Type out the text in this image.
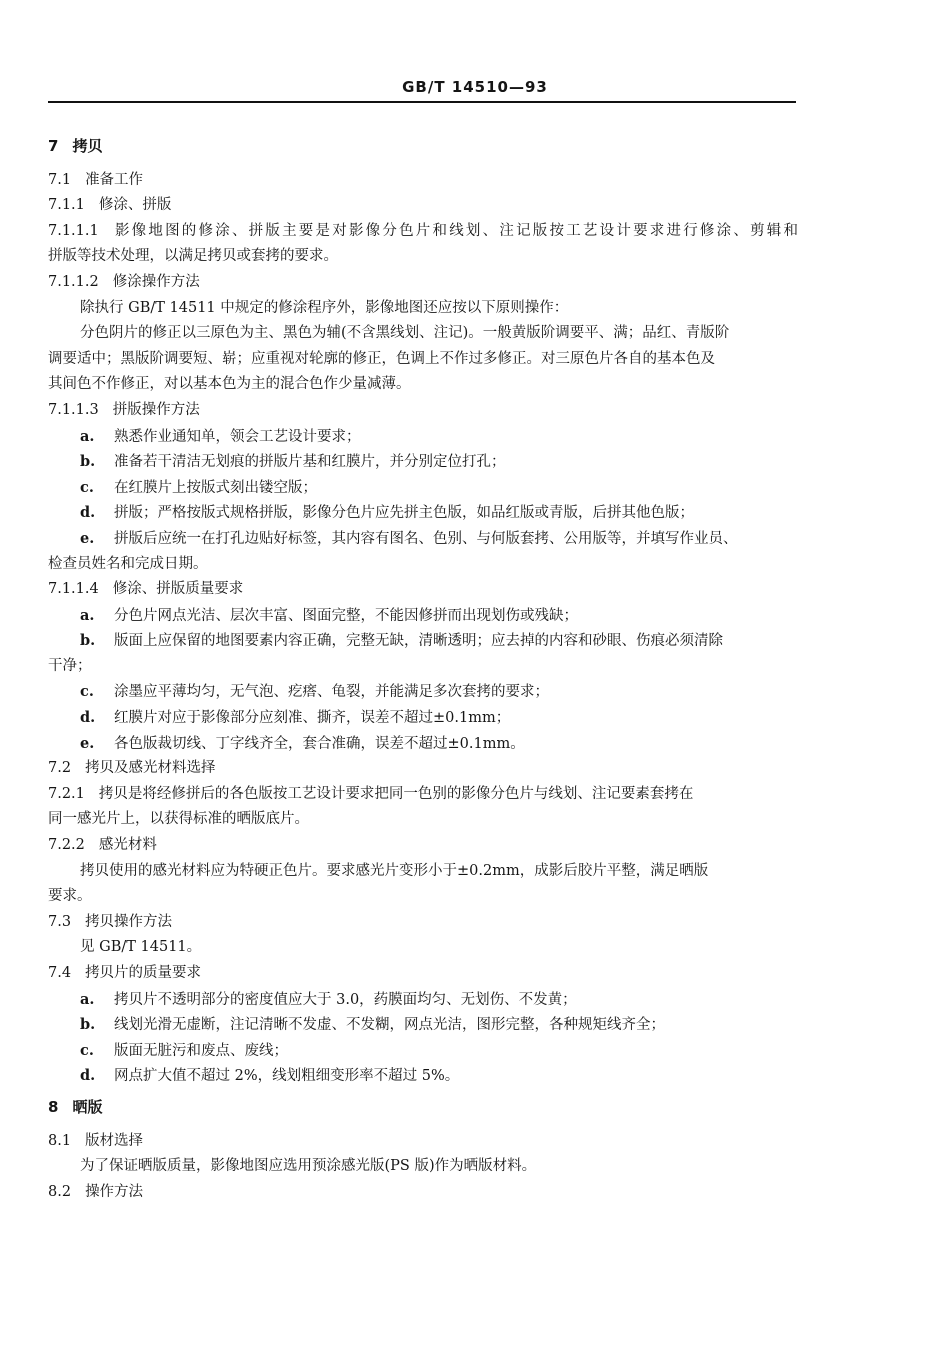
GB/T 14510—93
7 拷贝
7.1 准备工作
7.1.1 修涂、拼版
7.1.1.1 影像地图的修涂、拼版主要是对影像分色片和线划、注记版按工艺设计要求进行修涂、剪辑和
拼版等技术处理，以满足拷贝或套拷的要求。
7.1.1.2 修涂操作方法
除执行 GB/T 14511 中规定的修涂程序外，影像地图还应按以下原则操作：
分色阴片的修正以三原色为主、黑色为辅(不含黑线划、注记)。一般黄版阶调要平、满；品红、青版阶
调要适中；黑版阶调要短、崭；应重视对轮廓的修正，色调上不作过多修正。对三原色片各自的基本色及
其间色不作修正，对以基本色为主的混合色作少量减薄。
7.1.1.3 拼版操作方法
a. 熟悉作业通知单，领会工艺设计要求；
b. 准备若干清洁无划痕的拼版片基和红膜片，并分别定位打孔；
c. 在红膜片上按版式刻出镂空版；
d. 拼版；严格按版式规格拼版，影像分色片应先拼主色版，如品红版或青版，后拼其他色版；
e. 拼版后应统一在打孔边贴好标签，其内容有图名、色别、与何版套拷、公用版等，并填写作业员、
检查员姓名和完成日期。
7.1.1.4 修涂、拼版质量要求
a. 分色片网点光洁、层次丰富、图面完整，不能因修拼而出现划伤或残缺；
b. 版面上应保留的地图要素内容正确，完整无缺，清晰透明；应去掉的内容和砂眼、伤痕必须清除
干净；
c. 涂墨应平薄均匀，无气泡、疙瘩、龟裂，并能满足多次套拷的要求；
d. 红膜片对应于影像部分应刻准、撕齐，误差不超过±0.1mm；
e. 各色版裁切线、丁字线齐全，套合准确，误差不超过±0.1mm。
7.2 拷贝及感光材料选择
7.2.1 拷贝是将经修拼后的各色版按工艺设计要求把同一色别的影像分色片与线划、注记要素套拷在
同一感光片上，以获得标准的晒版底片。
7.2.2 感光材料
拷贝使用的感光材料应为特硬正色片。要求感光片变形小于±0.2mm，成影后胶片平整，满足晒版
要求。
7.3 拷贝操作方法
见 GB/T 14511。
7.4 拷贝片的质量要求
a. 拷贝片不透明部分的密度值应大于 3.0，药膜面均匀、无划伤、不发黄；
b. 线划光滑无虚断，注记清晰不发虚、不发糊，网点光洁，图形完整，各种规矩线齐全；
c. 版面无脏污和废点、废线；
d. 网点扩大值不超过 2%，线划粗细变形率不超过 5%。
8 晒版
8.1 版材选择
为了保证晒版质量，影像地图应选用预涂感光版(PS 版)作为晒版材料。
8.2 操作方法
